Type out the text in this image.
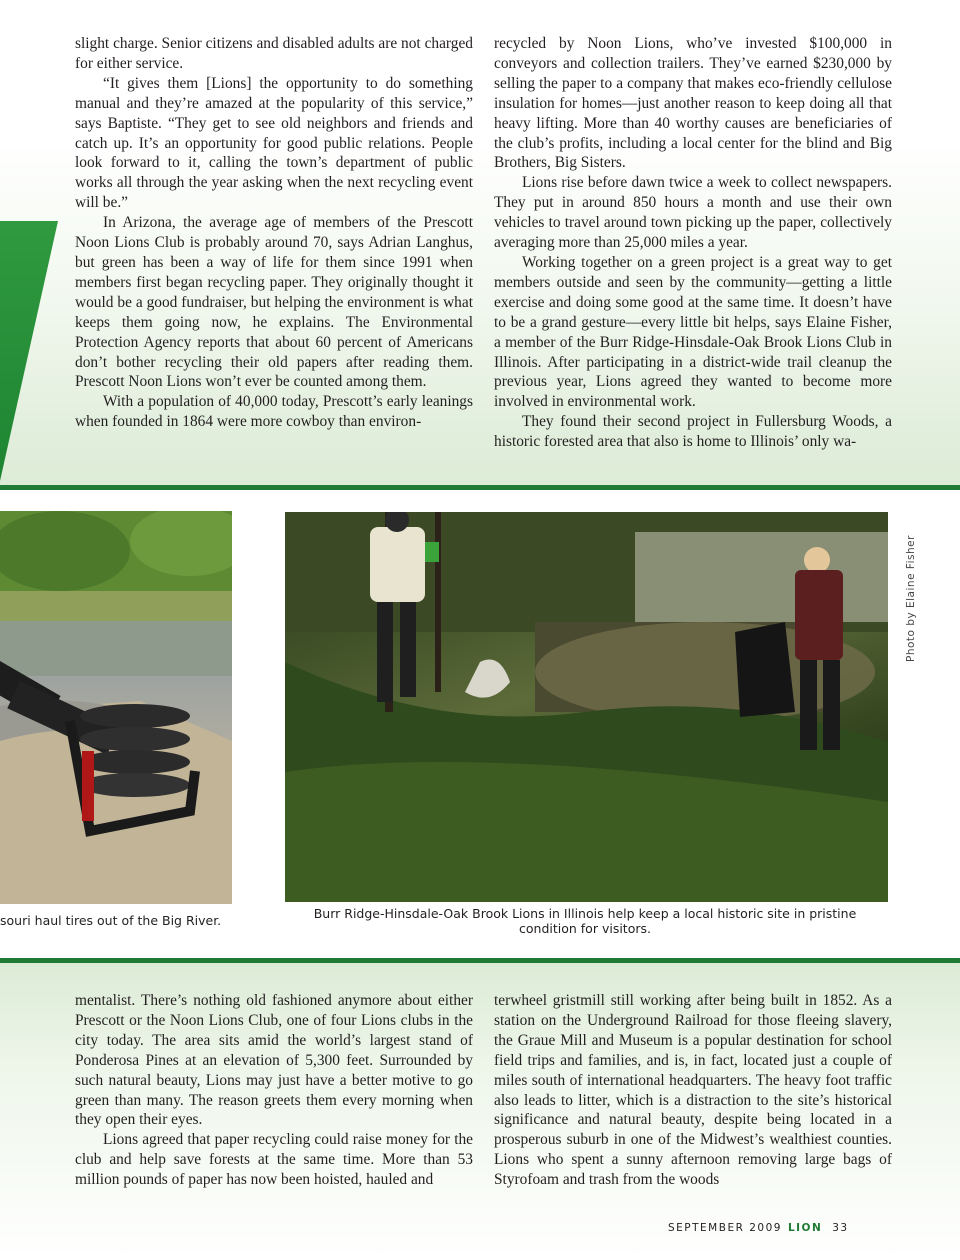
slight charge. Senior citizens and disabled adults are not charged for either service.

“It gives them [Lions] the opportunity to do something manual and they’re amazed at the popularity of this service,” says Baptiste. “They get to see old neighbors and friends and catch up. It’s an opportunity for good public relations. People look forward to it, calling the town’s department of public works all through the year asking when the next recycling event will be.”

In Arizona, the average age of members of the Prescott Noon Lions Club is probably around 70, says Adrian Langhus, but green has been a way of life for them since 1991 when members first began recycling paper. They originally thought it would be a good fundraiser, but helping the environment is what keeps them going now, he explains. The Environmental Protection Agency reports that about 60 percent of Americans don’t bother recycling their old papers after reading them. Prescott Noon Lions won’t ever be counted among them.

With a population of 40,000 today, Prescott’s early leanings when founded in 1864 were more cowboy than environ-

recycled by Noon Lions, who’ve invested $100,000 in conveyors and collection trailers. They’ve earned $230,000 by selling the paper to a company that makes eco-friendly cellulose insulation for homes—just another reason to keep doing all that heavy lifting. More than 40 worthy causes are beneficiaries of the club’s profits, including a local center for the blind and Big Brothers, Big Sisters.

Lions rise before dawn twice a week to collect newspapers. They put in around 850 hours a month and use their own vehicles to travel around town picking up the paper, collectively averaging more than 25,000 miles a year.

Working together on a green project is a great way to get members outside and seen by the community—getting a little exercise and doing some good at the same time. It doesn’t have to be a grand gesture—every little bit helps, says Elaine Fisher, a member of the Burr Ridge-Hinsdale-Oak Brook Lions Club in Illinois. After participating in a district-wide trail cleanup the previous year, Lions agreed they wanted to become more involved in environmental work.

They found their second project in Fullersburg Woods, a historic forested area that also is home to Illinois’ only wa-

souri haul tires out of the Big River.	Burr Ridge-Hinsdale-Oak Brook Lions in Illinois help keep a local historic site in pristine condition for visitors.
Photo by Elaine Fisher

mentalist. There’s nothing old fashioned anymore about either Prescott or the Noon Lions Club, one of four Lions clubs in the city today. The area sits amid the world’s largest stand of Ponderosa Pines at an elevation of 5,300 feet. Surrounded by such natural beauty, Lions may just have a better motive to go green than many. The reason greets them every morning when they open their eyes.

Lions agreed that paper recycling could raise money for the club and help save forests at the same time. More than 53 million pounds of paper has now been hoisted, hauled and

terwheel gristmill still working after being built in 1852. As a station on the Underground Railroad for those fleeing slavery, the Graue Mill and Museum is a popular destination for school field trips and families, and is, in fact, located just a couple of miles south of international headquarters. The heavy foot traffic also leads to litter, which is a distraction to the site’s historical significance and natural beauty, despite being located in a prosperous suburb in one of the Midwest’s wealthiest counties. Lions who spent a sunny afternoon removing large bags of Styrofoam and trash from the woods

SEPTEMBER 2009 LION 33
